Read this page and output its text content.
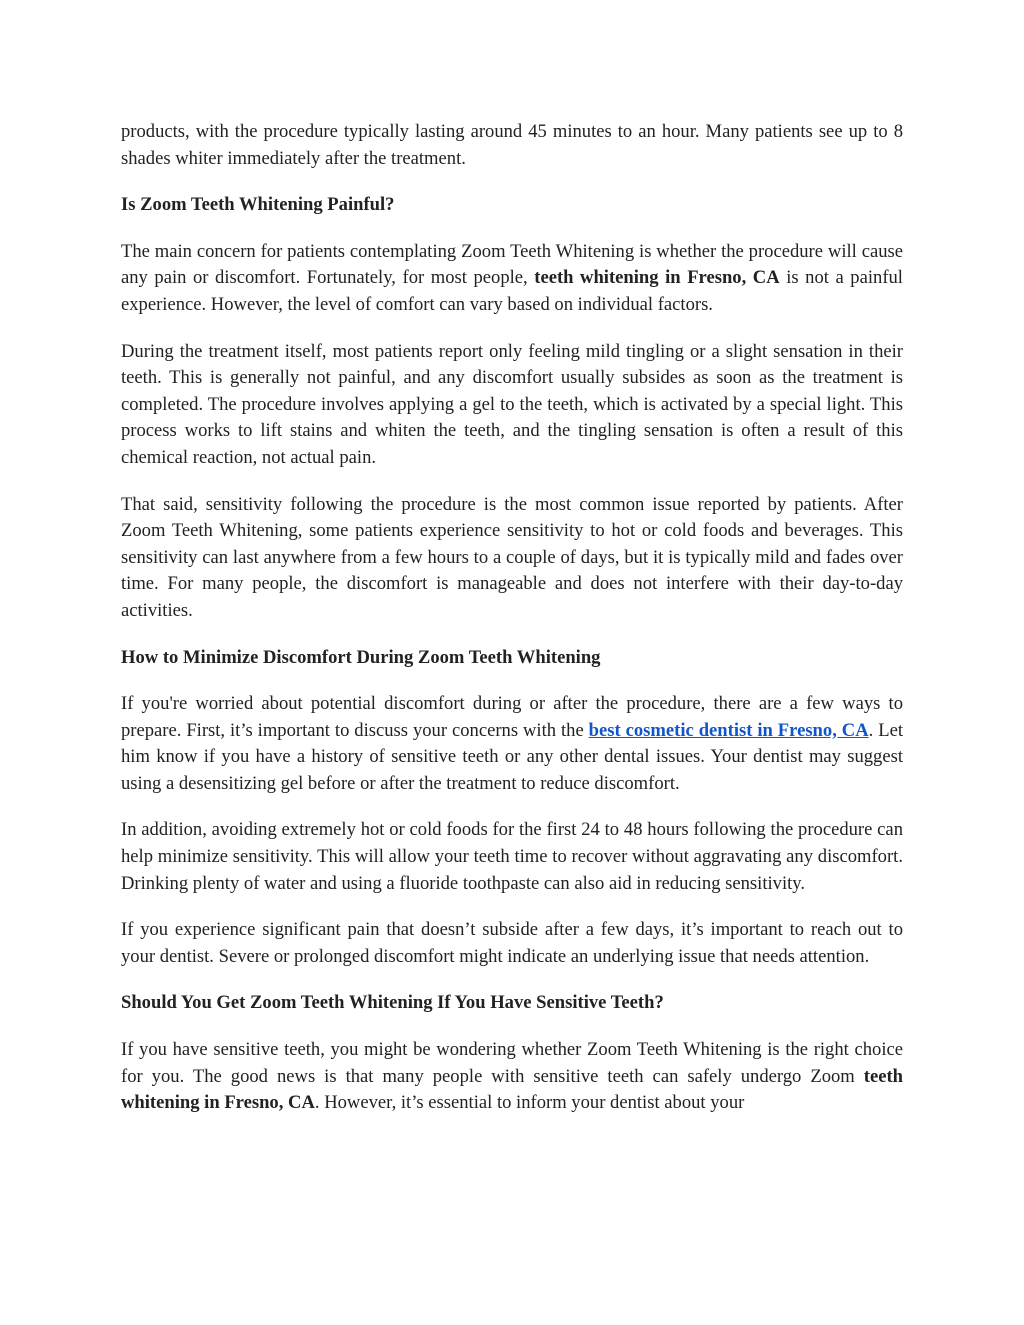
products, with the procedure typically lasting around 45 minutes to an hour. Many patients see up to 8 shades whiter immediately after the treatment.

Is Zoom Teeth Whitening Painful?

The main concern for patients contemplating Zoom Teeth Whitening is whether the procedure will cause any pain or discomfort. Fortunately, for most people, teeth whitening in Fresno, CA is not a painful experience. However, the level of comfort can vary based on individual factors.

During the treatment itself, most patients report only feeling mild tingling or a slight sensation in their teeth. This is generally not painful, and any discomfort usually subsides as soon as the treatment is completed. The procedure involves applying a gel to the teeth, which is activated by a special light. This process works to lift stains and whiten the teeth, and the tingling sensation is often a result of this chemical reaction, not actual pain.

That said, sensitivity following the procedure is the most common issue reported by patients. After Zoom Teeth Whitening, some patients experience sensitivity to hot or cold foods and beverages. This sensitivity can last anywhere from a few hours to a couple of days, but it is typically mild and fades over time. For many people, the discomfort is manageable and does not interfere with their day-to-day activities.

How to Minimize Discomfort During Zoom Teeth Whitening

If you're worried about potential discomfort during or after the procedure, there are a few ways to prepare. First, it’s important to discuss your concerns with the best cosmetic dentist in Fresno, CA. Let him know if you have a history of sensitive teeth or any other dental issues. Your dentist may suggest using a desensitizing gel before or after the treatment to reduce discomfort.

In addition, avoiding extremely hot or cold foods for the first 24 to 48 hours following the procedure can help minimize sensitivity. This will allow your teeth time to recover without aggravating any discomfort. Drinking plenty of water and using a fluoride toothpaste can also aid in reducing sensitivity.

If you experience significant pain that doesn’t subside after a few days, it’s important to reach out to your dentist. Severe or prolonged discomfort might indicate an underlying issue that needs attention.

Should You Get Zoom Teeth Whitening If You Have Sensitive Teeth?

If you have sensitive teeth, you might be wondering whether Zoom Teeth Whitening is the right choice for you. The good news is that many people with sensitive teeth can safely undergo Zoom teeth whitening in Fresno, CA. However, it’s essential to inform your dentist about your
